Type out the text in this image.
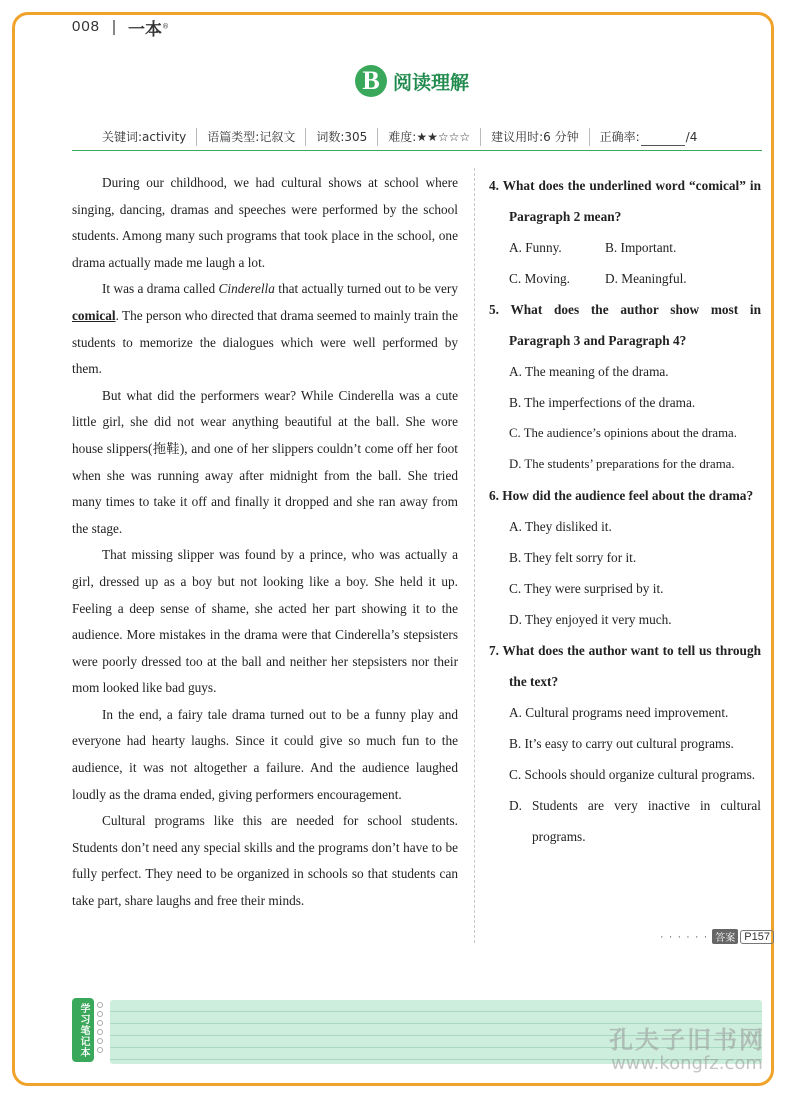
008 一本®
B 阅读理解
关键词:activity	语篇类型:记叙文	词数:305	难度:★★☆☆☆	建议用时:6 分钟	正确率:	/4

During our childhood, we had cultural shows at school where singing, dancing, dramas and speeches were performed by the school students. Among many such programs that took place in the school, one drama actually made me laugh a lot.

It was a drama called Cinderella that actually turned out to be very comical. The person who directed that drama seemed to mainly train the students to memorize the dialogues which were well performed by them.

But what did the performers wear? While Cinderella was a cute little girl, she did not wear anything beautiful at the ball. She wore house slippers(拖鞋), and one of her slippers couldn’t come off her foot when she was running away after midnight from the ball. She tried many times to take it off and finally it dropped and she ran away from the stage.

That missing slipper was found by a prince, who was actually a girl, dressed up as a boy but not looking like a boy. She held it up. Feeling a deep sense of shame, she acted her part showing it to the audience. More mistakes in the drama were that Cinderella’s stepsisters were poorly dressed too at the ball and neither her stepsisters nor their mom looked like bad guys.

In the end, a fairy tale drama turned out to be a funny play and everyone had hearty laughs. Since it could give so much fun to the audience, it was not altogether a failure. And the audience laughed loudly as the drama ended, giving performers encouragement.

Cultural programs like this are needed for school students. Students don’t need any special skills and the programs don’t have to be fully perfect. They need to be organized in schools so that students can take part, share laughs and free their minds.

4. What does the underlined word “comical” in Paragraph 2 mean?
A. Funny.	B. Important.
C. Moving.	D. Meaningful.
5. What does the author show most in Paragraph 3 and Paragraph 4?
A. The meaning of the drama.
B. The imperfections of the drama.
C. The audience’s opinions about the drama.
D. The students’ preparations for the drama.
6. How did the audience feel about the drama?
A. They disliked it.
B. They felt sorry for it.
C. They were surprised by it.
D. They enjoyed it very much.
7. What does the author want to tell us through the text?
A. Cultural programs need improvement.
B. It’s easy to carry out cultural programs.
C. Schools should organize cultural programs.
D. Students are very inactive in cultural programs.
· · · · · · 答案 P157
学习笔记本	孔夫子旧书网
www.kongfz.com
